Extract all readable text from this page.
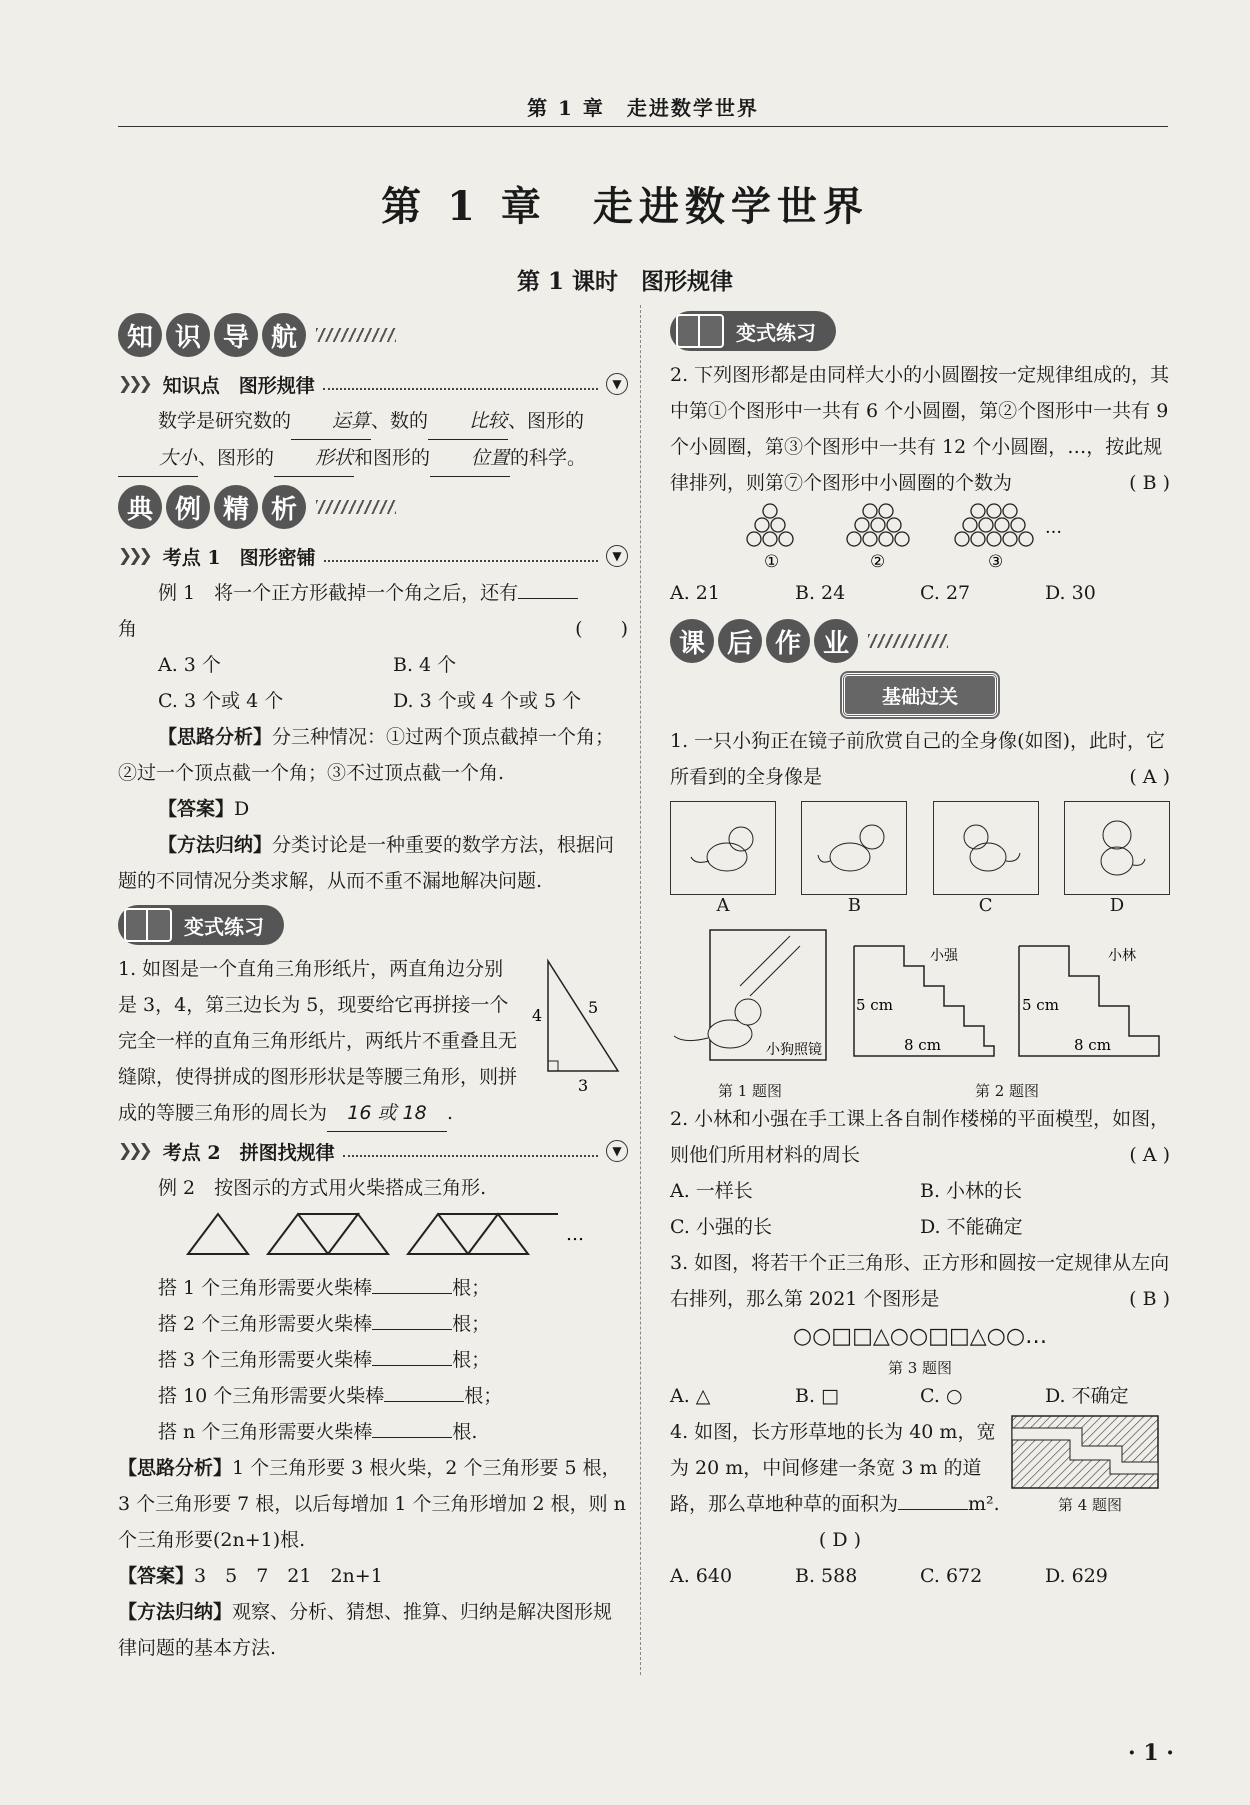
第 1 章　走进数学世界
第 1 章　走进数学世界
第 1 课时　图形规律
知 识 导 航
❯❯❯ 知识点　图形规律	▼

数学是研究数的 运算、数的 比较、图形的 大小、图形的 形状和图形的 位置的科学。

典 例 精 析
❯❯❯ 考点 1　图形密铺	▼

例 1　将一个正方形截掉一个角之后，还有

角	(　　)

A. 3 个	B. 4 个
C. 3 个或 4 个	D. 3 个或 4 个或 5 个

【思路分析】分三种情况：①过两个顶点截掉一个角；②过一个顶点截一个角；③不过顶点截一个角.

【答案】D

【方法归纳】分类讨论是一种重要的数学方法，根据问题的不同情况分类求解，从而不重不漏地解决问题.

变式练习

1. 如图是一个直角三角形纸片，两直角边分别是 3，4，第三边长为 5，现要给它再拼接一个完全一样的直角三角形纸片，两纸片不重叠且无缝隙，使得拼成的图形形状是等腰三角形，则拼成的等腰三角形的周长为 16 或 18 .

4	5
3
❯❯❯ 考点 2　拼图找规律	▼

例 2　按图示的方式用火柴搭成三角形.

…

搭 1 个三角形需要火柴棒	根；

搭 2 个三角形需要火柴棒	根；

搭 3 个三角形需要火柴棒	根；

搭 10 个三角形需要火柴棒	根；

搭 n 个三角形需要火柴棒	根.

【思路分析】1 个三角形要 3 根火柴，2 个三角形要 5 根，3 个三角形要 7 根，以后每增加 1 个三角形增加 2 根，则 n 个三角形要(2n+1)根.

【答案】3　5　7　21　2n+1

【方法归纳】观察、分析、猜想、推算、归纳是解决图形规律问题的基本方法.

变式练习

2. 下列图形都是由同样大小的小圆圈按一定规律组成的，其中第①个图形中一共有 6 个小圆圈，第②个图形中一共有 9 个小圆圈，第③个图形中一共有 12 个小圆圈，…，按此规律排列，则第⑦个图形中小圆圈的个数为	( B )

①	②	③
…
A. 21	B. 24	C. 27	D. 30
课 后 作 业
基础过关

1. 一只小狗正在镜子前欣赏自己的全身像(如图)，此时，它所看到的全身像是	( A )

A	B	C	D
小狗照镜
第 1 题图
小强	小林
5 cm	5 cm
8 cm	8 cm
第 2 题图

2. 小林和小强在手工课上各自制作楼梯的平面模型，如图，则他们所用材料的周长	( A )

A. 一样长	B. 小林的长
C. 小强的长	D. 不能确定

3. 如图，将若干个正三角形、正方形和圆按一定规律从左向右排列，那么第 2021 个图形是	( B )

○○□□△○○□□△○○…
第 3 题图
A. △	B. □	C. ○	D. 不确定

4. 如图，长方形草地的长为 40 m，宽为 20 m，中间修建一条宽 3 m 的道路，那么草地种草的面积为	m².

( D )

第 4 题图
A. 640	B. 588	C. 672	D. 629
· 1 ·
